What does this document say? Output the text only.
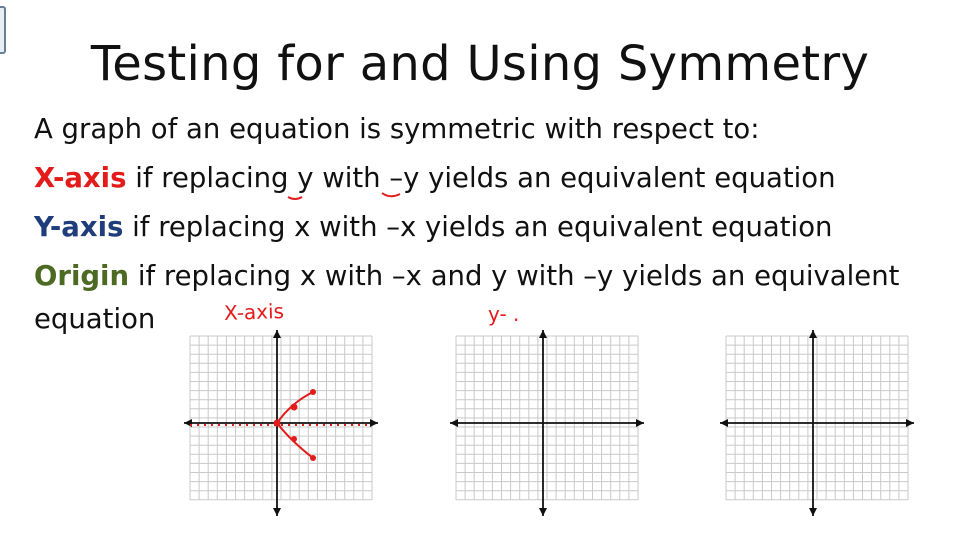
Testing for and Using Symmetry
A graph of an equation is symmetric with respect to:
X-axis if replacing y with –y yields an equivalent equation
Y-axis if replacing x with –x yields an equivalent equation
Origin if replacing x with –x and y with –y yields an equivalent
equation	X-axis	y- .
